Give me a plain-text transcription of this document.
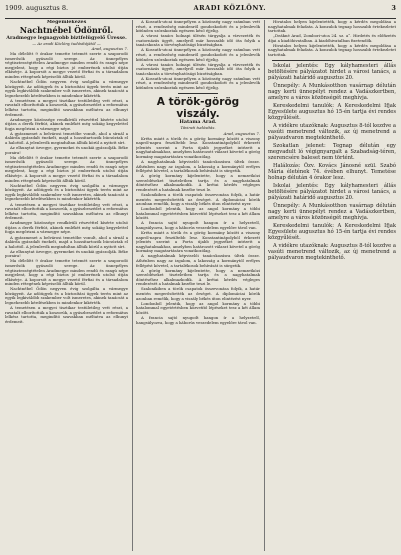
1909. augusztus 8.	ARADI KÖZLÖNY.	3

Megemlékezés

Nachtnébel Ödönről.

Aradmegye legnagyobb biztfelügyelő Üresse.

— Az aradi Közlöny tudósítójától —

Arad, augusztus 7.

Ma délelőtt 9 órakor temette tetemét szerte a szaporodó ismerősök gyászoló serege. Az ünnepélyes végtisztességtételen Aradmegye minden rendű és rangú népe megjelent, hogy a régi biztos jó emberének utolsó útján elkísérje. A koporsót a megye vezető férfiai és a társadalom minden rétegének képviselői állták körül.

Nachtnébel Ödön negyven évig szolgálta a vármegye közügyeit. Az adóügyek és a biztosítási ügyek terén mint az egyik legkiválóbb szakember volt ismeretes, akinek tanácsát a legnehezebb kérdésekben is mindenkor kikérték.

A temetésen a megyei tisztikar testületileg vett részt, a ravatalt elborították a koszorúk, a gyászbeszédet a református lelkész tartotta, megindító szavakban méltatva az elhunyt érdemeit.

Aradmegye közönsége rendkívüli részvéttel kísérte utolsó útjára a derék férfiút, akinek emlékét még sokáig kegyelettel fogja megőrizni a vármegye népe.

A gyászmenet a belvárosi temetőbe vonult, ahol a sírnál a dalárda gyászdalt énekelt, majd a hozzátartozók búcsúztak el a halottól. A jelenlevők megindultan állták körül a nyitott sírt.

Az elhunytat özvegye, gyermekei és unokái gyászolják. Béke poraira!

Ma délelőtt 9 órakor temette tetemét szerte a szaporodó ismerősök gyászoló serege. Az ünnepélyes végtisztességtételen Aradmegye minden rendű és rangú népe megjelent, hogy a régi biztos jó emberének utolsó útján elkísérje. A koporsót a megye vezető férfiai és a társadalom minden rétegének képviselői állták körül.

Nachtnébel Ödön negyven évig szolgálta a vármegye közügyeit. Az adóügyek és a biztosítási ügyek terén mint az egyik legkiválóbb szakember volt ismeretes, akinek tanácsát a legnehezebb kérdésekben is mindenkor kikérték.

A temetésen a megyei tisztikar testületileg vett részt, a ravatalt elborították a koszorúk, a gyászbeszédet a református lelkész tartotta, megindító szavakban méltatva az elhunyt érdemeit.

Aradmegye közönsége rendkívüli részvéttel kísérte utolsó útjára a derék férfiút, akinek emlékét még sokáig kegyelettel fogja megőrizni a vármegye népe.

A gyászmenet a belvárosi temetőbe vonult, ahol a sírnál a dalárda gyászdalt énekelt, majd a hozzátartozók búcsúztak el a halottól. A jelenlevők megindultan állták körül a nyitott sírt.

Az elhunytat özvegye, gyermekei és unokái gyászolják. Béke poraira!

Ma délelőtt 9 órakor temette tetemét szerte a szaporodó ismerősök gyászoló serege. Az ünnepélyes végtisztességtételen Aradmegye minden rendű és rangú népe megjelent, hogy a régi biztos jó emberének utolsó útján elkísérje. A koporsót a megye vezető férfiai és a társadalom minden rétegének képviselői állták körül.

Nachtnébel Ödön negyven évig szolgálta a vármegye közügyeit. Az adóügyek és a biztosítási ügyek terén mint az egyik legkiválóbb szakember volt ismeretes, akinek tanácsát a legnehezebb kérdésekben is mindenkor kikérték.

A temetésen a megyei tisztikar testületileg vett részt, a ravatalt elborították a koszorúk, a gyászbeszédet a református lelkész tartotta, megindító szavakban méltatva az elhunyt érdemeit.

A Kossuth-utcai ünnepélyen a közönség nagy számban vett részt, a rendezőség mindenről gondoskodott és a jelenlevők kitűnően szórakoztak egészen késő éjjelig.

A városi tanács holnapi ülésén tárgyalja a vízvezeték és csatornázás ügyét, amelyről már hosszabb idő óta folyik a tanácskozás a törvényhatósági bizottságban.

A Kossuth-utcai ünnepélyen a közönség nagy számban vett részt, a rendezőség mindenről gondoskodott és a jelenlevők kitűnően szórakoztak egészen késő éjjelig.

A városi tanács holnapi ülésén tárgyalja a vízvezeték és csatornázás ügyét, amelyről már hosszabb idő óta folyik a tanácskozás a törvényhatósági bizottságban.

A Kossuth-utcai ünnepélyen a közönség nagy számban vett részt, a rendezőség mindenről gondoskodott és a jelenlevők kitűnően szórakoztak egészen késő éjjelig.

A török-görög viszály.

Hatama Arad.

Távirati tudósítás.

Arad, augusztus 7.

Kréta miatt a török és a görög kormány között a viszony napról-napra feszültebb lesz. Konstantinápolyból érkezett jelentés szerint a Porta újabb jegyzéket intézett a nagyhatalmakhoz, amelyben határozott választ követel a görög kormány magatartására vonatkozólag.

A nagyhatalmak képviselői tanácskozásra ültek össze. Athénben nagy az izgalom, a lakosság a kormánytól erélyes fellépést követel, a tartalékosok behívását is sürgetik.

A görög kormány kijelentette, hogy a nemzetközi szerződéseket tiszteletben tartja és a nagyhatalmak döntéséhez alkalmazkodik. A krétai kérdés végleges rendezését a hatalmak kezébe teszi le.

Szalonikiben a török csapatok összevonása folyik, a határ mentén megerősítették az őrséget. A diplomáciai körök azonban remélik, hogy a viszály békés úton elintézést nyer.

Londonból jelentik, hogy az angol kormány a többi hatalommal egyetértésben közvetítő lépéseket tesz a két állam között.

A francia sajtó nyugodt hangon ír a helyzetről, hangsúlyozva, hogy a háborús veszedelem egyelőre távol van.

Kréta miatt a török és a görög kormány között a viszony napról-napra feszültebb lesz. Konstantinápolyból érkezett jelentés szerint a Porta újabb jegyzéket intézett a nagyhatalmakhoz, amelyben határozott választ követel a görög kormány magatartására vonatkozólag.

A nagyhatalmak képviselői tanácskozásra ültek össze. Athénben nagy az izgalom, a lakosság a kormánytól erélyes fellépést követel, a tartalékosok behívását is sürgetik.

A görög kormány kijelentette, hogy a nemzetközi szerződéseket tiszteletben tartja és a nagyhatalmak döntéséhez alkalmazkodik. A krétai kérdés végleges rendezését a hatalmak kezébe teszi le.

Szalonikiben a török csapatok összevonása folyik, a határ mentén megerősítették az őrséget. A diplomáciai körök azonban remélik, hogy a viszály békés úton elintézést nyer.

Londonból jelentik, hogy az angol kormány a többi hatalommal egyetértésben közvetítő lépéseket tesz a két állam között.

A francia sajtó nyugodt hangon ír a helyzetről, hangsúlyozva, hogy a háborús veszedelem egyelőre távol van.

Hivatalos helyen kijelentették, hogy a kérdés megoldása a nagyhatalmak feladata. A konzulok tegnap hosszabb értekezletet tartottak.

„Deákné Arad, Zombori-utca 24. sz. a“. Hirdetés és előfizetés díjai a kiadóhivatalban. A kiadóhivatalban fizetendők.

Hivatalos helyen kijelentették, hogy a kérdés megoldása a nagyhatalmak feladata. A konzulok tegnap hosszabb értekezletet tartottak.

Iskolai jelentés: Egy kályhamesteri állás betöltésére pályázatot hirdet a városi tanács, a pályázati határidő augusztus 20.

Ünnepély: A Munkásotthon vasárnap délután nagy kerti ünnepélyt rendez a Vadászkertben, amelyre a város közönségét meghívja.

Kereskedelmi tanulók: A Kereskedelmi Ifjak Egyesülete augusztus hó 15-én tartja évi rendes közgyűlését.

A vidékre utazóknak: Augusztus 8-tól kezdve a vasúti menetrend változik, az új menetrend a pályaudvaron megtekinthető.

Szokatlan jelenet: Tegnap délután egy megvadult ló végignyargalt a Szabadság-téren, szerencsére baleset nem történt.

Halálozás: Özv. Kovács Jánosné szül. Szabó Mária életének 74. évében elhunyt. Temetése holnap délután 4 órakor lesz.

Iskolai jelentés: Egy kályhamesteri állás betöltésére pályázatot hirdet a városi tanács, a pályázati határidő augusztus 20.

Ünnepély: A Munkásotthon vasárnap délután nagy kerti ünnepélyt rendez a Vadászkertben, amelyre a város közönségét meghívja.

Kereskedelmi tanulók: A Kereskedelmi Ifjak Egyesülete augusztus hó 15-én tartja évi rendes közgyűlését.

A vidékre utazóknak: Augusztus 8-tól kezdve a vasúti menetrend változik, az új menetrend a pályaudvaron megtekinthető.
